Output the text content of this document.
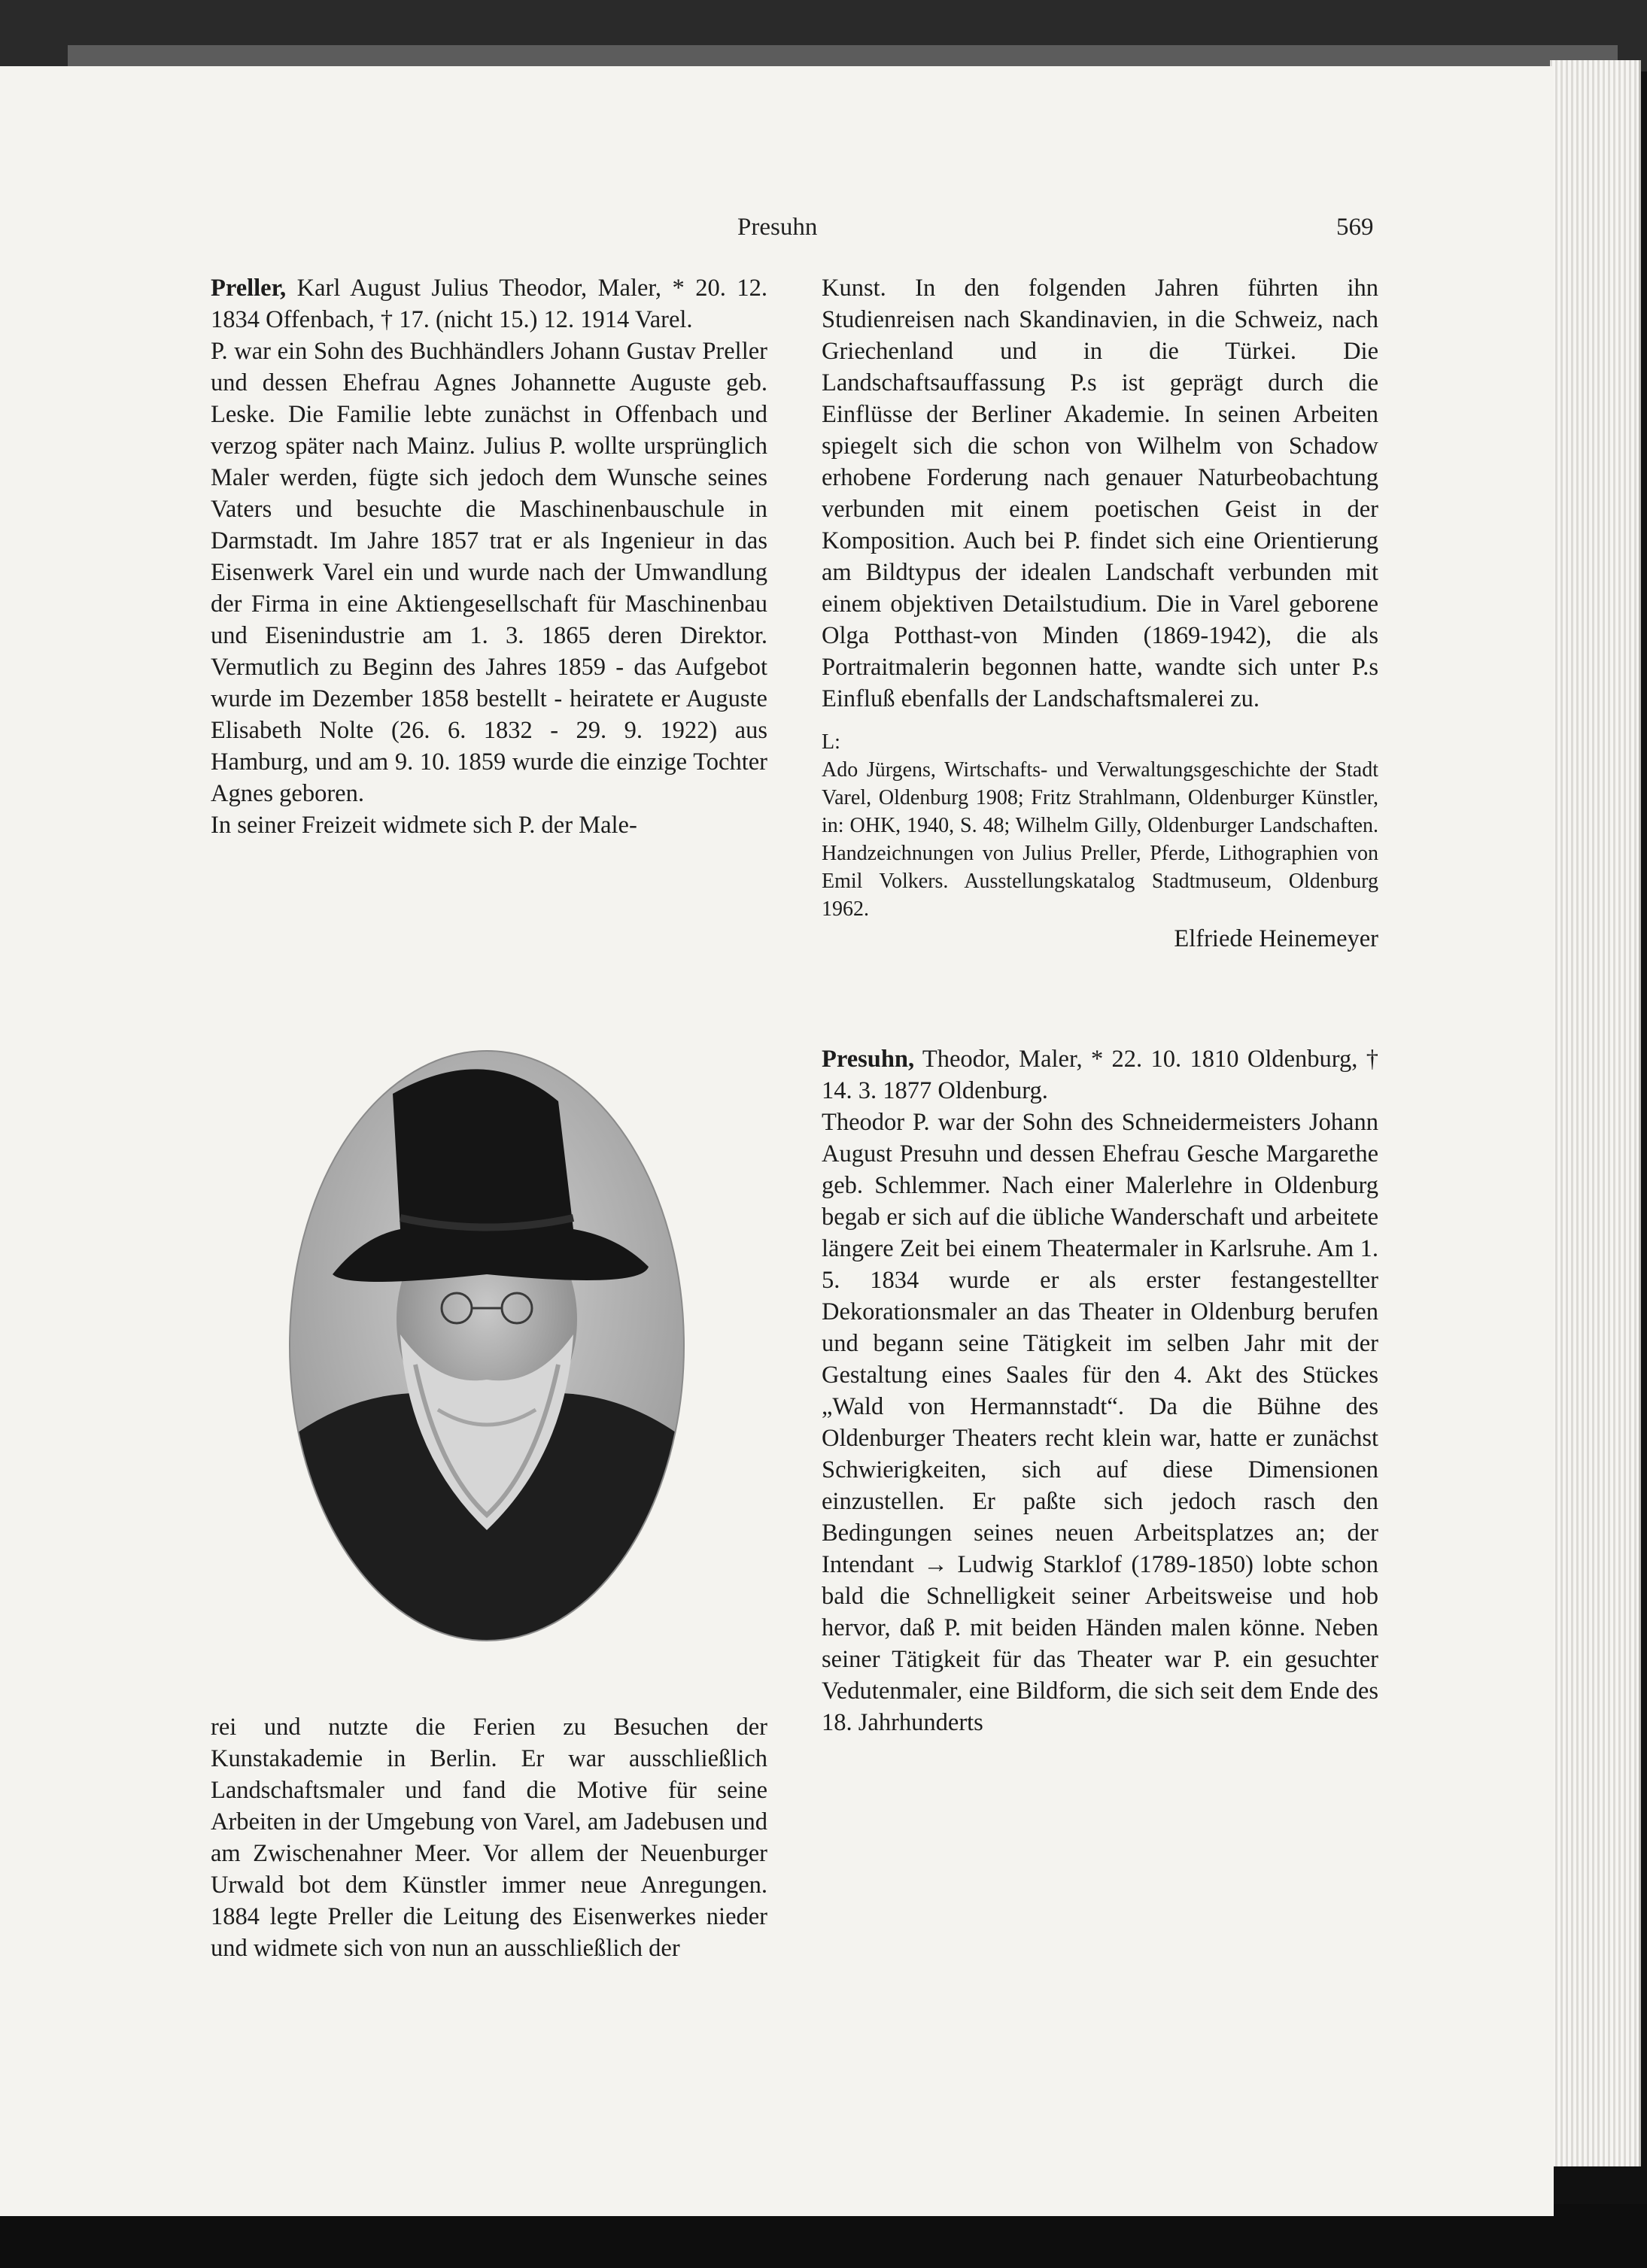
Presuhn	569

Preller, Karl August Julius Theodor, Maler, * 20. 12. 1834 Offenbach, † 17. (nicht 15.) 12. 1914 Varel.

P. war ein Sohn des Buchhändlers Johann Gustav Preller und dessen Ehefrau Agnes Johannette Auguste geb. Leske. Die Familie lebte zunächst in Offenbach und verzog später nach Mainz. Julius P. wollte ursprünglich Maler werden, fügte sich jedoch dem Wunsche seines Vaters und besuchte die Maschinenbauschule in Darmstadt. Im Jahre 1857 trat er als Ingenieur in das Eisenwerk Varel ein und wurde nach der Umwandlung der Firma in eine Aktiengesellschaft für Maschinenbau und Eisenindustrie am 1. 3. 1865 deren Direktor. Vermutlich zu Beginn des Jahres 1859 - das Aufgebot wurde im Dezember 1858 bestellt - heiratete er Auguste Elisabeth Nolte (26. 6. 1832 - 29. 9. 1922) aus Hamburg, und am 9. 10. 1859 wurde die einzige Tochter Agnes geboren.

In seiner Freizeit widmete sich P. der Male-

rei und nutzte die Ferien zu Besuchen der Kunstakademie in Berlin. Er war ausschließlich Landschaftsmaler und fand die Motive für seine Arbeiten in der Umgebung von Varel, am Jadebusen und am Zwischenahner Meer. Vor allem der Neuenburger Urwald bot dem Künstler immer neue Anregungen. 1884 legte Preller die Leitung des Eisenwerkes nieder und widmete sich von nun an ausschließlich der

Kunst. In den folgenden Jahren führten ihn Studienreisen nach Skandinavien, in die Schweiz, nach Griechenland und in die Türkei. Die Landschaftsauffassung P.s ist geprägt durch die Einflüsse der Berliner Akademie. In seinen Arbeiten spiegelt sich die schon von Wilhelm von Schadow erhobene Forderung nach genauer Naturbeobachtung verbunden mit einem poetischen Geist in der Komposition. Auch bei P. findet sich eine Orientierung am Bildtypus der idealen Landschaft verbunden mit einem objektiven Detailstudium. Die in Varel geborene Olga Potthast-von Minden (1869-1942), die als Portraitmalerin begonnen hatte, wandte sich unter P.s Einfluß ebenfalls der Landschaftsmalerei zu.

L:

Ado Jürgens, Wirtschafts- und Verwaltungsgeschichte der Stadt Varel, Oldenburg 1908; Fritz Strahlmann, Oldenburger Künstler, in: OHK, 1940, S. 48; Wilhelm Gilly, Oldenburger Landschaften. Handzeichnungen von Julius Preller, Pferde, Lithographien von Emil Volkers. Ausstellungskatalog Stadtmuseum, Oldenburg 1962.

Elfriede Heinemeyer

Presuhn, Theodor, Maler, * 22. 10. 1810 Oldenburg, † 14. 3. 1877 Oldenburg.

Theodor P. war der Sohn des Schneidermeisters Johann August Presuhn und dessen Ehefrau Gesche Margarethe geb. Schlemmer. Nach einer Malerlehre in Oldenburg begab er sich auf die übliche Wanderschaft und arbeitete längere Zeit bei einem Theatermaler in Karlsruhe. Am 1. 5. 1834 wurde er als erster festangestellter Dekorationsmaler an das Theater in Oldenburg berufen und begann seine Tätigkeit im selben Jahr mit der Gestaltung eines Saales für den 4. Akt des Stückes „Wald von Hermannstadt“. Da die Bühne des Oldenburger Theaters recht klein war, hatte er zunächst Schwierigkeiten, sich auf diese Dimensionen einzustellen. Er paßte sich jedoch rasch den Bedingungen seines neuen Arbeitsplatzes an; der Intendant → Ludwig Starklof (1789-1850) lobte schon bald die Schnelligkeit seiner Arbeitsweise und hob hervor, daß P. mit beiden Händen malen könne. Neben seiner Tätigkeit für das Theater war P. ein gesuchter Vedutenmaler, eine Bildform, die sich seit dem Ende des 18. Jahrhunderts
